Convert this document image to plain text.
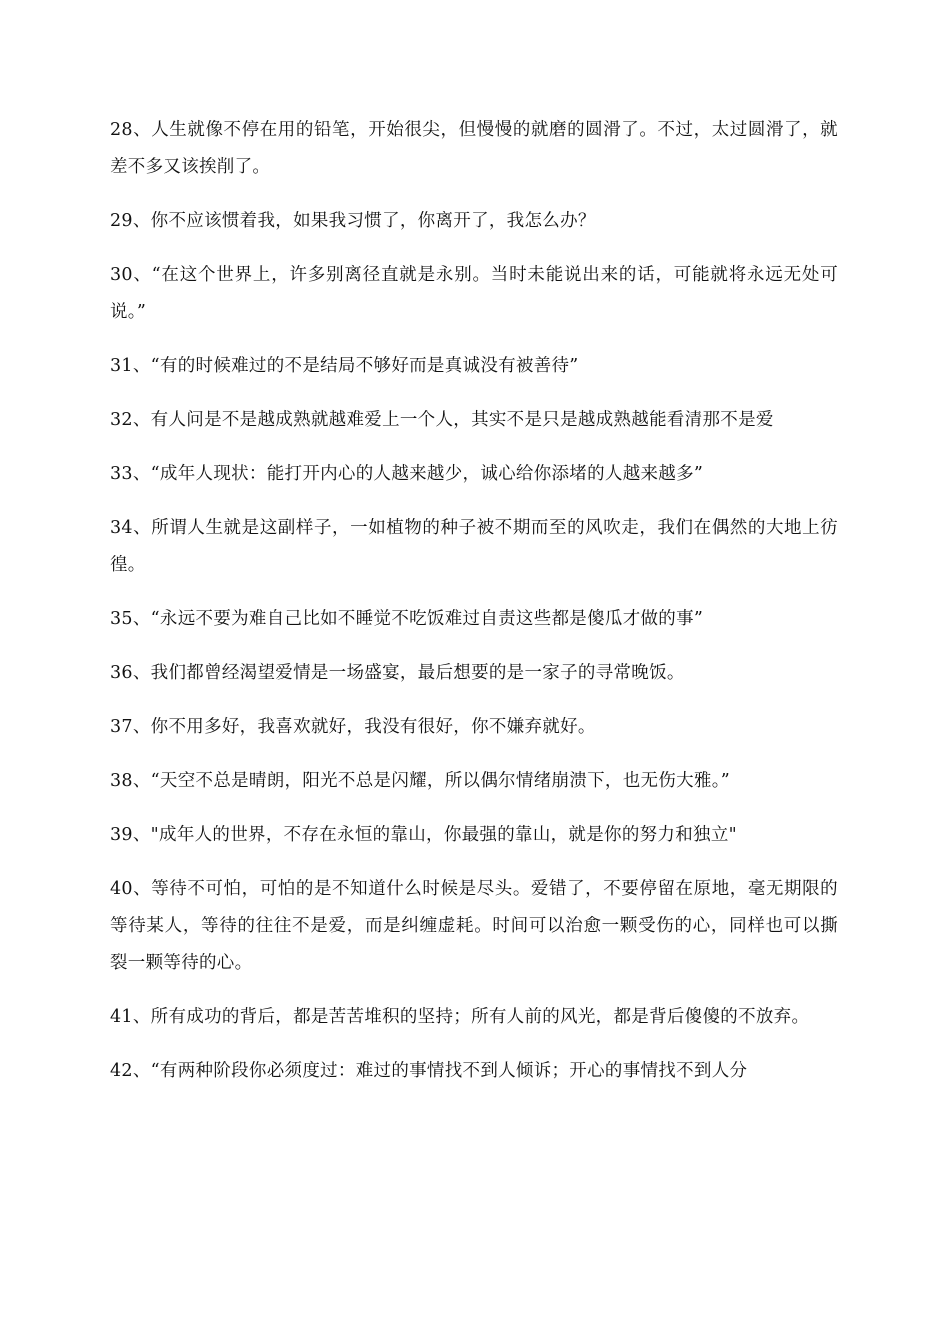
28、人生就像不停在用的铅笔，开始很尖，但慢慢的就磨的圆滑了。不过，太过圆滑了，就差不多又该挨削了。

29、你不应该惯着我，如果我习惯了，你离开了，我怎么办？

30、“在这个世界上，许多别离径直就是永别。当时未能说出来的话，可能就将永远无处可说。”

31、“有的时候难过的不是结局不够好而是真诚没有被善待”

32、有人问是不是越成熟就越难爱上一个人，其实不是只是越成熟越能看清那不是爱

33、“成年人现状：能打开内心的人越来越少，诚心给你添堵的人越来越多”

34、所谓人生就是这副样子，一如植物的种子被不期而至的风吹走，我们在偶然的大地上彷徨。

35、“永远不要为难自己比如不睡觉不吃饭难过自责这些都是傻瓜才做的事”

36、我们都曾经渴望爱情是一场盛宴，最后想要的是一家子的寻常晚饭。

37、你不用多好，我喜欢就好，我没有很好，你不嫌弃就好。

38、“天空不总是晴朗，阳光不总是闪耀，所以偶尔情绪崩溃下，也无伤大雅。”

39、"成年人的世界，不存在永恒的靠山，你最强的靠山，就是你的努力和独立"

40、等待不可怕，可怕的是不知道什么时候是尽头。爱错了，不要停留在原地，毫无期限的等待某人，等待的往往不是爱，而是纠缠虚耗。时间可以治愈一颗受伤的心，同样也可以撕裂一颗等待的心。

41、所有成功的背后，都是苦苦堆积的坚持；所有人前的风光，都是背后傻傻的不放弃。

42、“有两种阶段你必须度过：难过的事情找不到人倾诉；开心的事情找不到人分
